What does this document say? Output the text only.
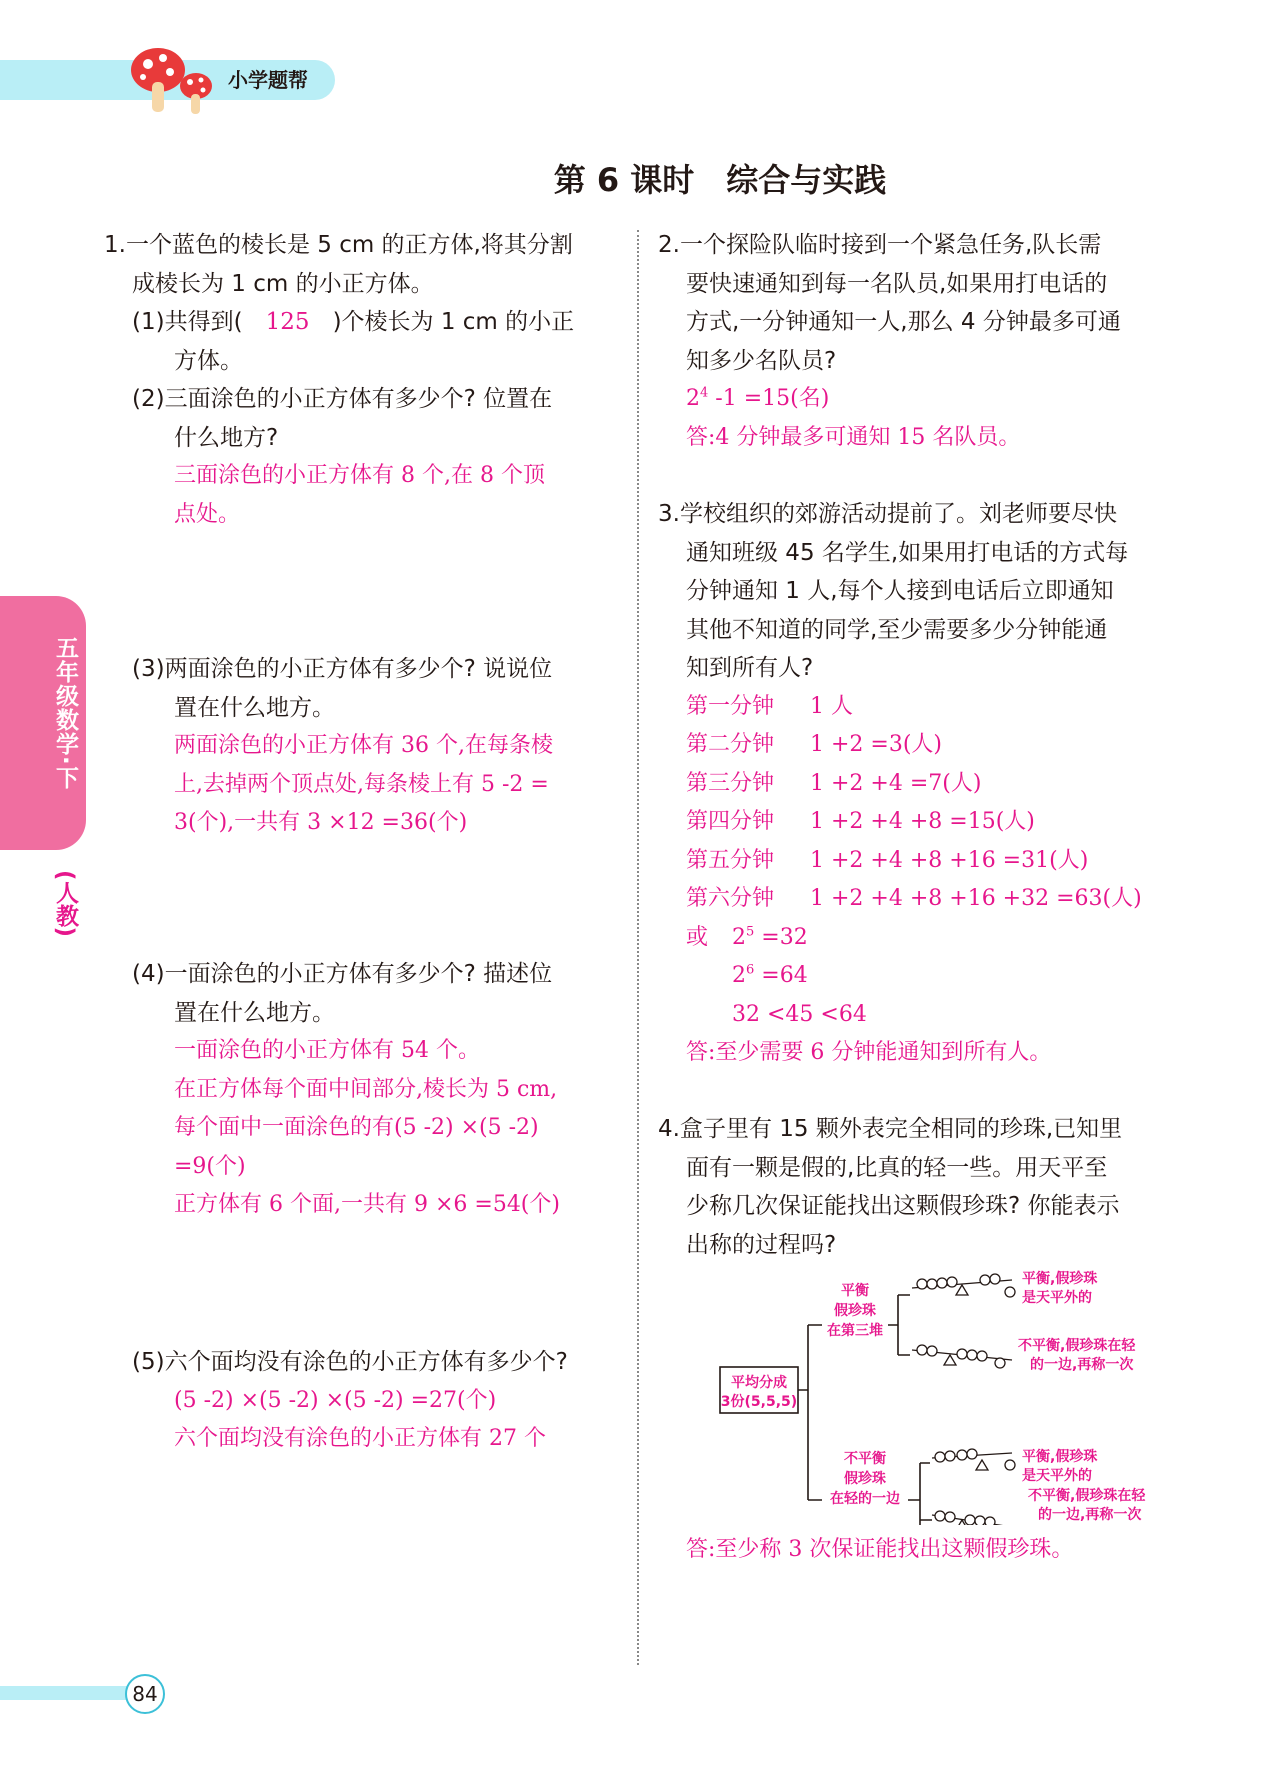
小学题帮
五年级数学·下
(人教)
第 6 课时　综合与实践
1.一个蓝色的棱长是 5 cm 的正方体,将其分割
成棱长为 1 cm 的小正方体。
(1)共得到( 125 )个棱长为 1 cm 的小正
方体。
(2)三面涂色的小正方体有多少个? 位置在
什么地方?
三面涂色的小正方体有 8 个,在 8 个顶
点处。
(3)两面涂色的小正方体有多少个? 说说位
置在什么地方。
两面涂色的小正方体有 36 个,在每条棱
上,去掉两个顶点处,每条棱上有 5 -2 =
3(个),一共有 3 ×12 =36(个)
(4)一面涂色的小正方体有多少个? 描述位
置在什么地方。
一面涂色的小正方体有 54 个。
在正方体每个面中间部分,棱长为 5 cm,
每个面中一面涂色的有(5 -2) ×(5 -2)
=9(个)
正方体有 6 个面,一共有 9 ×6 =54(个)
(5)六个面均没有涂色的小正方体有多少个?
(5 -2) ×(5 -2) ×(5 -2) =27(个)
六个面均没有涂色的小正方体有 27 个
2.一个探险队临时接到一个紧急任务,队长需
要快速通知到每一名队员,如果用打电话的
方式,一分钟通知一人,那么 4 分钟最多可通
知多少名队员?
$2^4$ -1 =15(名)
答:4 分钟最多可通知 15 名队员。
3.学校组织的郊游活动提前了。刘老师要尽快
通知班级 45 名学生,如果用打电话的方式每
分钟通知 1 人,每个人接到电话后立即通知
其他不知道的同学,至少需要多少分钟能通
知到所有人?
第一分钟 1 人
第二分钟 1 +2 =3(人)
第三分钟 1 +2 +4 =7(人)
第四分钟 1 +2 +4 +8 =15(人)
第五分钟 1 +2 +4 +8 +16 =31(人)
第六分钟 1 +2 +4 +8 +16 +32 =63(人)
或 $2^5 =32$
$2^6 =64$
32 <45 <64
答:至少需要 6 分钟能通知到所有人。
4.盒子里有 15 颗外表完全相同的珍珠,已知里
面有一颗是假的,比真的轻一些。用天平至
少称几次保证能找出这颗假珍珠? 你能表示
出称的过程吗?
平均分成
3份(5,5,5)
平衡
假珍珠
在第三堆
不平衡
假珍珠
在轻的一边
平衡,假珍珠
是天平外的
不平衡,假珍珠在轻
的一边,再称一次
平衡,假珍珠
是天平外的
不平衡,假珍珠在轻
的一边,再称一次
答:至少称 3 次保证能找出这颗假珍珠。
84
